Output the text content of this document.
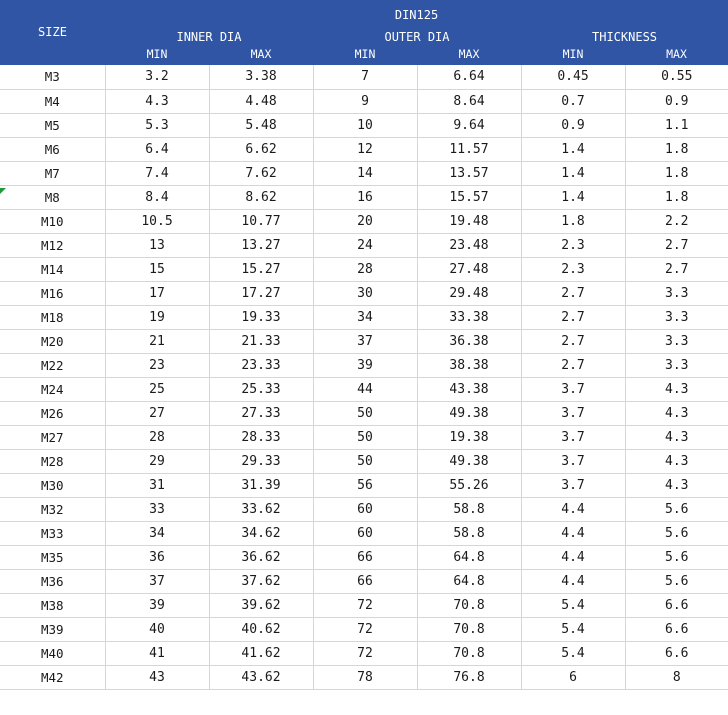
SIZE	DIN125					
	INNER DIA		OUTER DIA		THICKNESS	
	MIN	MAX	MIN	MAX	MIN	MAX
M3	3.2	3.38	7	6.64	0.45	0.55
M4	4.3	4.48	9	8.64	0.7	0.9
M5	5.3	5.48	10	9.64	0.9	1.1
M6	6.4	6.62	12	11.57	1.4	1.8
M7	7.4	7.62	14	13.57	1.4	1.8
M8	8.4	8.62	16	15.57	1.4	1.8
M10	10.5	10.77	20	19.48	1.8	2.2
M12	13	13.27	24	23.48	2.3	2.7
M14	15	15.27	28	27.48	2.3	2.7
M16	17	17.27	30	29.48	2.7	3.3
M18	19	19.33	34	33.38	2.7	3.3
M20	21	21.33	37	36.38	2.7	3.3
M22	23	23.33	39	38.38	2.7	3.3
M24	25	25.33	44	43.38	3.7	4.3
M26	27	27.33	50	49.38	3.7	4.3
M27	28	28.33	50	19.38	3.7	4.3
M28	29	29.33	50	49.38	3.7	4.3
M30	31	31.39	56	55.26	3.7	4.3
M32	33	33.62	60	58.8	4.4	5.6
M33	34	34.62	60	58.8	4.4	5.6
M35	36	36.62	66	64.8	4.4	5.6
M36	37	37.62	66	64.8	4.4	5.6
M38	39	39.62	72	70.8	5.4	6.6
M39	40	40.62	72	70.8	5.4	6.6
M40	41	41.62	72	70.8	5.4	6.6
M42	43	43.62	78	76.8	6	8
